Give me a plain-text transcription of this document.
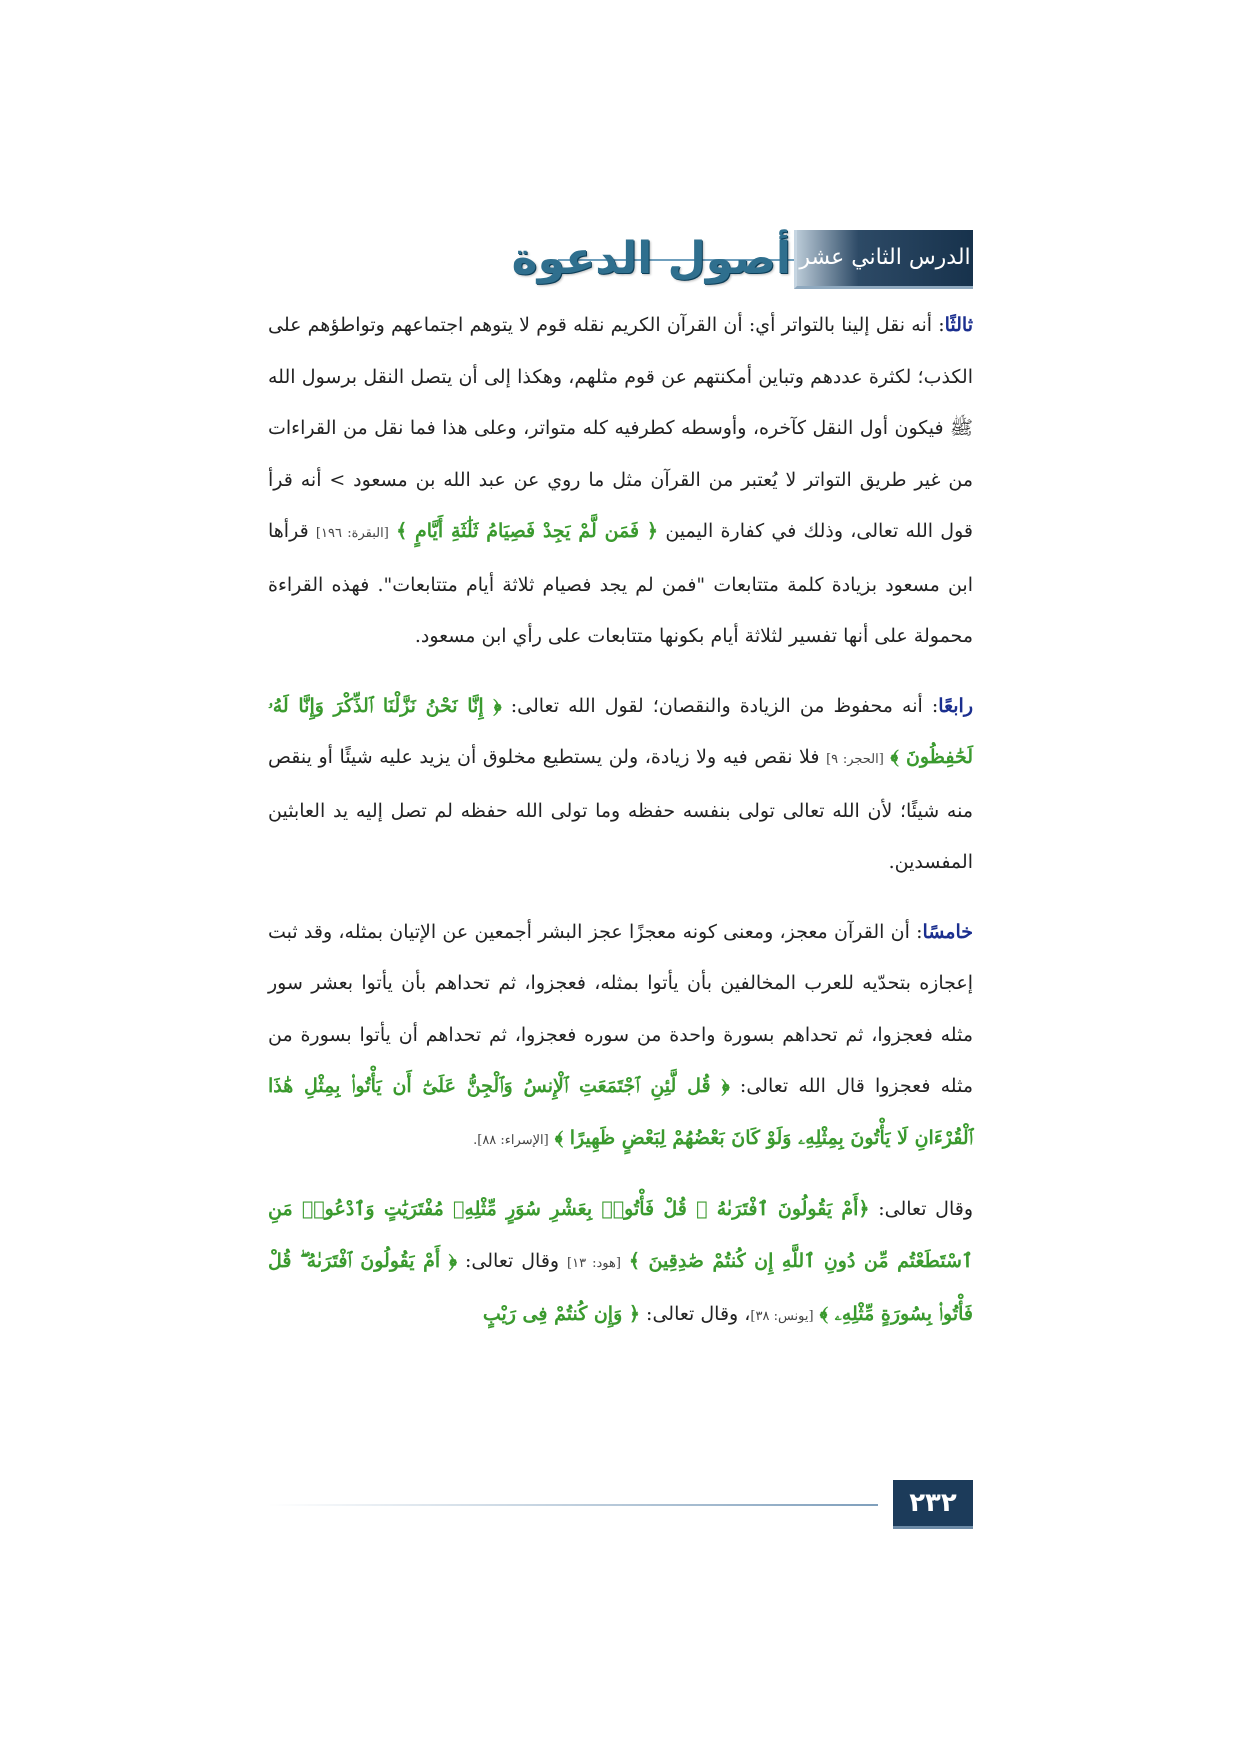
أصول الدعوة الدرس الثاني عشر

ثالثًا: أنه نقل إلينا بالتواتر أي: أن القرآن الكريم نقله قوم لا يتوهم اجتماعهم وتواطؤهم على الكذب؛ لكثرة عددهم وتباين أمكنتهم عن قوم مثلهم، وهكذا إلى أن يتصل النقل برسول الله ﷺ فيكون أول النقل كآخره، وأوسطه كطرفيه كله متواتر، وعلى هذا فما نقل من القراءات من غير طريق التواتر لا يُعتبر من القرآن مثل ما روي عن عبد الله بن مسعود > أنه قرأ قول الله تعالى، وذلك في كفارة اليمين ﴿ فَمَن لَّمْ يَجِدْ فَصِيَامُ ثَلَٰثَةِ أَيَّامٍ ﴾ [البقرة: ١٩٦] قرأها ابن مسعود بزيادة كلمة متتابعات "فمن لم يجد فصيام ثلاثة أيام متتابعات". فهذه القراءة محمولة على أنها تفسير لثلاثة أيام بكونها متتابعات على رأي ابن مسعود.

رابعًا: أنه محفوظ من الزيادة والنقصان؛ لقول الله تعالى: ﴿ إِنَّا نَحْنُ نَزَّلْنَا ٱلذِّكْرَ وَإِنَّا لَهُۥ لَحَٰفِظُونَ ﴾ [الحجر: ٩] فلا نقص فيه ولا زيادة، ولن يستطيع مخلوق أن يزيد عليه شيئًا أو ينقص منه شيئًا؛ لأن الله تعالى تولى بنفسه حفظه وما تولى الله حفظه لم تصل إليه يد العابثين المفسدين.

خامسًا: أن القرآن معجز، ومعنى كونه معجزًا عجز البشر أجمعين عن الإتيان بمثله، وقد ثبت إعجازه بتحدّيه للعرب المخالفين بأن يأتوا بمثله، فعجزوا، ثم تحداهم بأن يأتوا بعشر سور مثله فعجزوا، ثم تحداهم بسورة واحدة من سوره فعجزوا، ثم تحداهم أن يأتوا بسورة من مثله فعجزوا قال الله تعالى: ﴿ قُل لَّئِنِ ٱجْتَمَعَتِ ٱلْإِنسُ وَٱلْجِنُّ عَلَىٰٓ أَن يَأْتُوا۟ بِمِثْلِ هَٰذَا ٱلْقُرْءَانِ لَا يَأْتُونَ بِمِثْلِهِۦ وَلَوْ كَانَ بَعْضُهُمْ لِبَعْضٍ ظَهِيرًا ﴾ [الإسراء: ٨٨].

وقال تعالى: ﴿أَمْ يَقُولُونَ ٱفْتَرَىٰهُ ۖ قُلْ فَأْتُوا۟ بِعَشْرِ سُوَرٍ مِّثْلِهِۦ مُفْتَرَيَٰتٍ وَٱدْعُوا۟ مَنِ ٱسْتَطَعْتُم مِّن دُونِ ٱللَّهِ إِن كُنتُمْ صَٰدِقِينَ ﴾ [هود: ١٣] وقال تعالى: ﴿ أَمْ يَقُولُونَ ٱفْتَرَىٰهُ ۖ قُلْ فَأْتُوا۟ بِسُورَةٍ مِّثْلِهِۦ ﴾ [يونس: ٣٨]، وقال تعالى: ﴿ وَإِن كُنتُمْ فِى رَيْبٍ

٢٣٢
